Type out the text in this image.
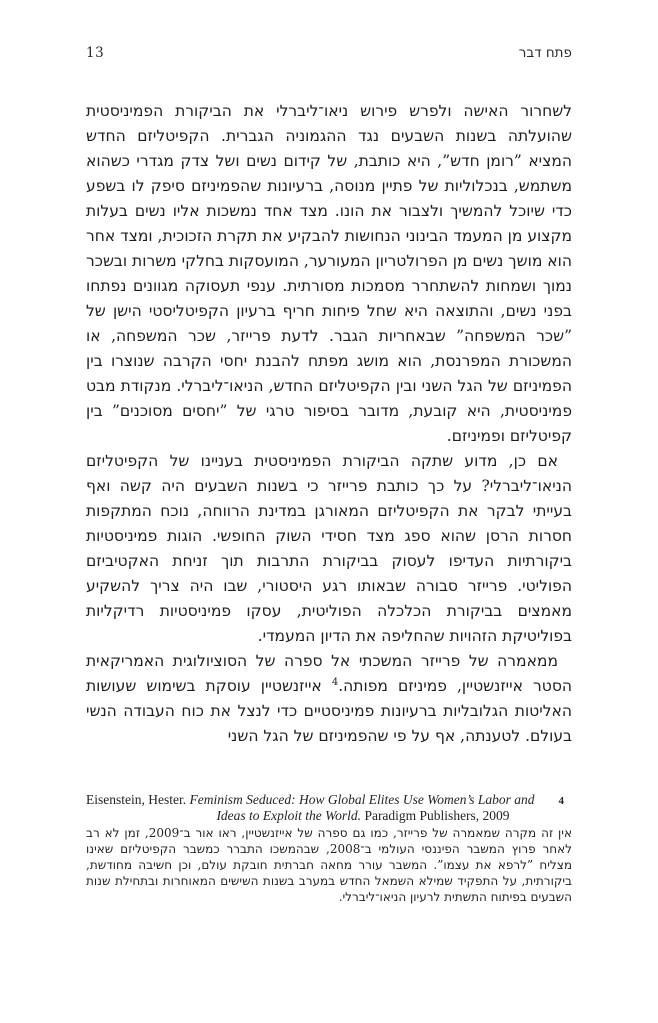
13	פתח דבר

לשחרור האישה ולפרש פירוש ניאו־ליברלי את הביקורת הפמיניסטית שהועלתה בשנות השבעים נגד ההגמוניה הגברית. הקפיטליזם החדש המציא ”רומן חדש”, היא כותבת, של קידום נשים ושל צדק מגדרי כשהוא משתמש, בנכלוליות של פתיין מנוסה, ברעיונות שהפמיניזם סיפק לו בשפע כדי שיוכל להמשיך ולצבור את הונו. מצד אחד נמשכות אליו נשים בעלות מקצוע מן המעמד הבינוני הנחושות להבקיע את תקרת הזכוכית, ומצד אחר הוא מושך נשים מן הפרולטריון המעורער, המועסקות בחלקי משרות ובשכר נמוך ושמחות להשתחרר מסמכות מסורתית. ענפי תעסוקה מגוונים נפתחו בפני נשים, והתוצאה היא שחל פיחות חריף ברעיון הקפיטליסטי הישן של ”שכר המשפחה” שבאחריות הגבר. לדעת פרייזר, שכר המשפחה, או המשכורת המפרנסת, הוא מושג מפתח להבנת יחסי הקרבה שנוצרו בין הפמיניזם של הגל השני ובין הקפיטליזם החדש, הניאו־ליברלי. מנקודת מבט פמיניסטית, היא קובעת, מדובר בסיפור טרגי של ”יחסים מסוכנים” בין קפיטליזם ופמיניזם.

אם כן, מדוע שתקה הביקורת הפמיניסטית בעניינו של הקפיטליזם הניאו־ליברלי? על כך כותבת פרייזר כי בשנות השבעים היה קשה ואף בעייתי לבקר את הקפיטליזם המאורגן במדינת הרווחה, נוכח המתקפות חסרות הרסן שהוא ספג מצד חסידי השוק החופשי. הוגות פמיניסטיות ביקורתיות העדיפו לעסוק בביקורת התרבות תוך זניחת האקטיביזם הפוליטי. פרייזר סבורה שבאותו רגע היסטורי, שבו היה צריך להשקיע מאמצים בביקורת הכלכלה הפוליטית, עסקו פמיניסטיות רדיקליות בפוליטיקת הזהויות שהחליפה את הדיון המעמדי.

ממאמרה של פרייזר המשכתי אל ספרה של הסוציולוגית האמריקאית הסטר אייזנשטיין, פמיניזם מפותה.$^4$ אייזנשטיין עוסקת בשימוש שעושות האליטות הגלובליות ברעיונות פמיניסטיים כדי לנצל את כוח העבודה הנשי בעולם. לטענתה, אף על פי שהפמיניזם של הגל השני

Eisenstein, Hester. Feminism Seduced: How Global Elites Use Women’s Labor and 4
Ideas to Exploit the World. Paradigm Publishers, 2009
אין זה מקרה שמאמרה של פרייזר, כמו גם ספרה של אייזנשטיין, ראו אור ב־2009, זמן לא רב לאחר פרוץ המשבר הפיננסי העולמי ב־2008, שבהמשכו התברר כמשבר הקפיטליזם שאינו מצליח ”לרפא את עצמו”. המשבר עורר מחאה חברתית חובקת עולם, וכן חשיבה מחודשת, ביקורתית, על התפקיד שמילא השמאל החדש במערב בשנות השישים המאוחרות ובתחילת שנות השבעים בפיתוח התשתית לרעיון הניאו־ליברלי.
